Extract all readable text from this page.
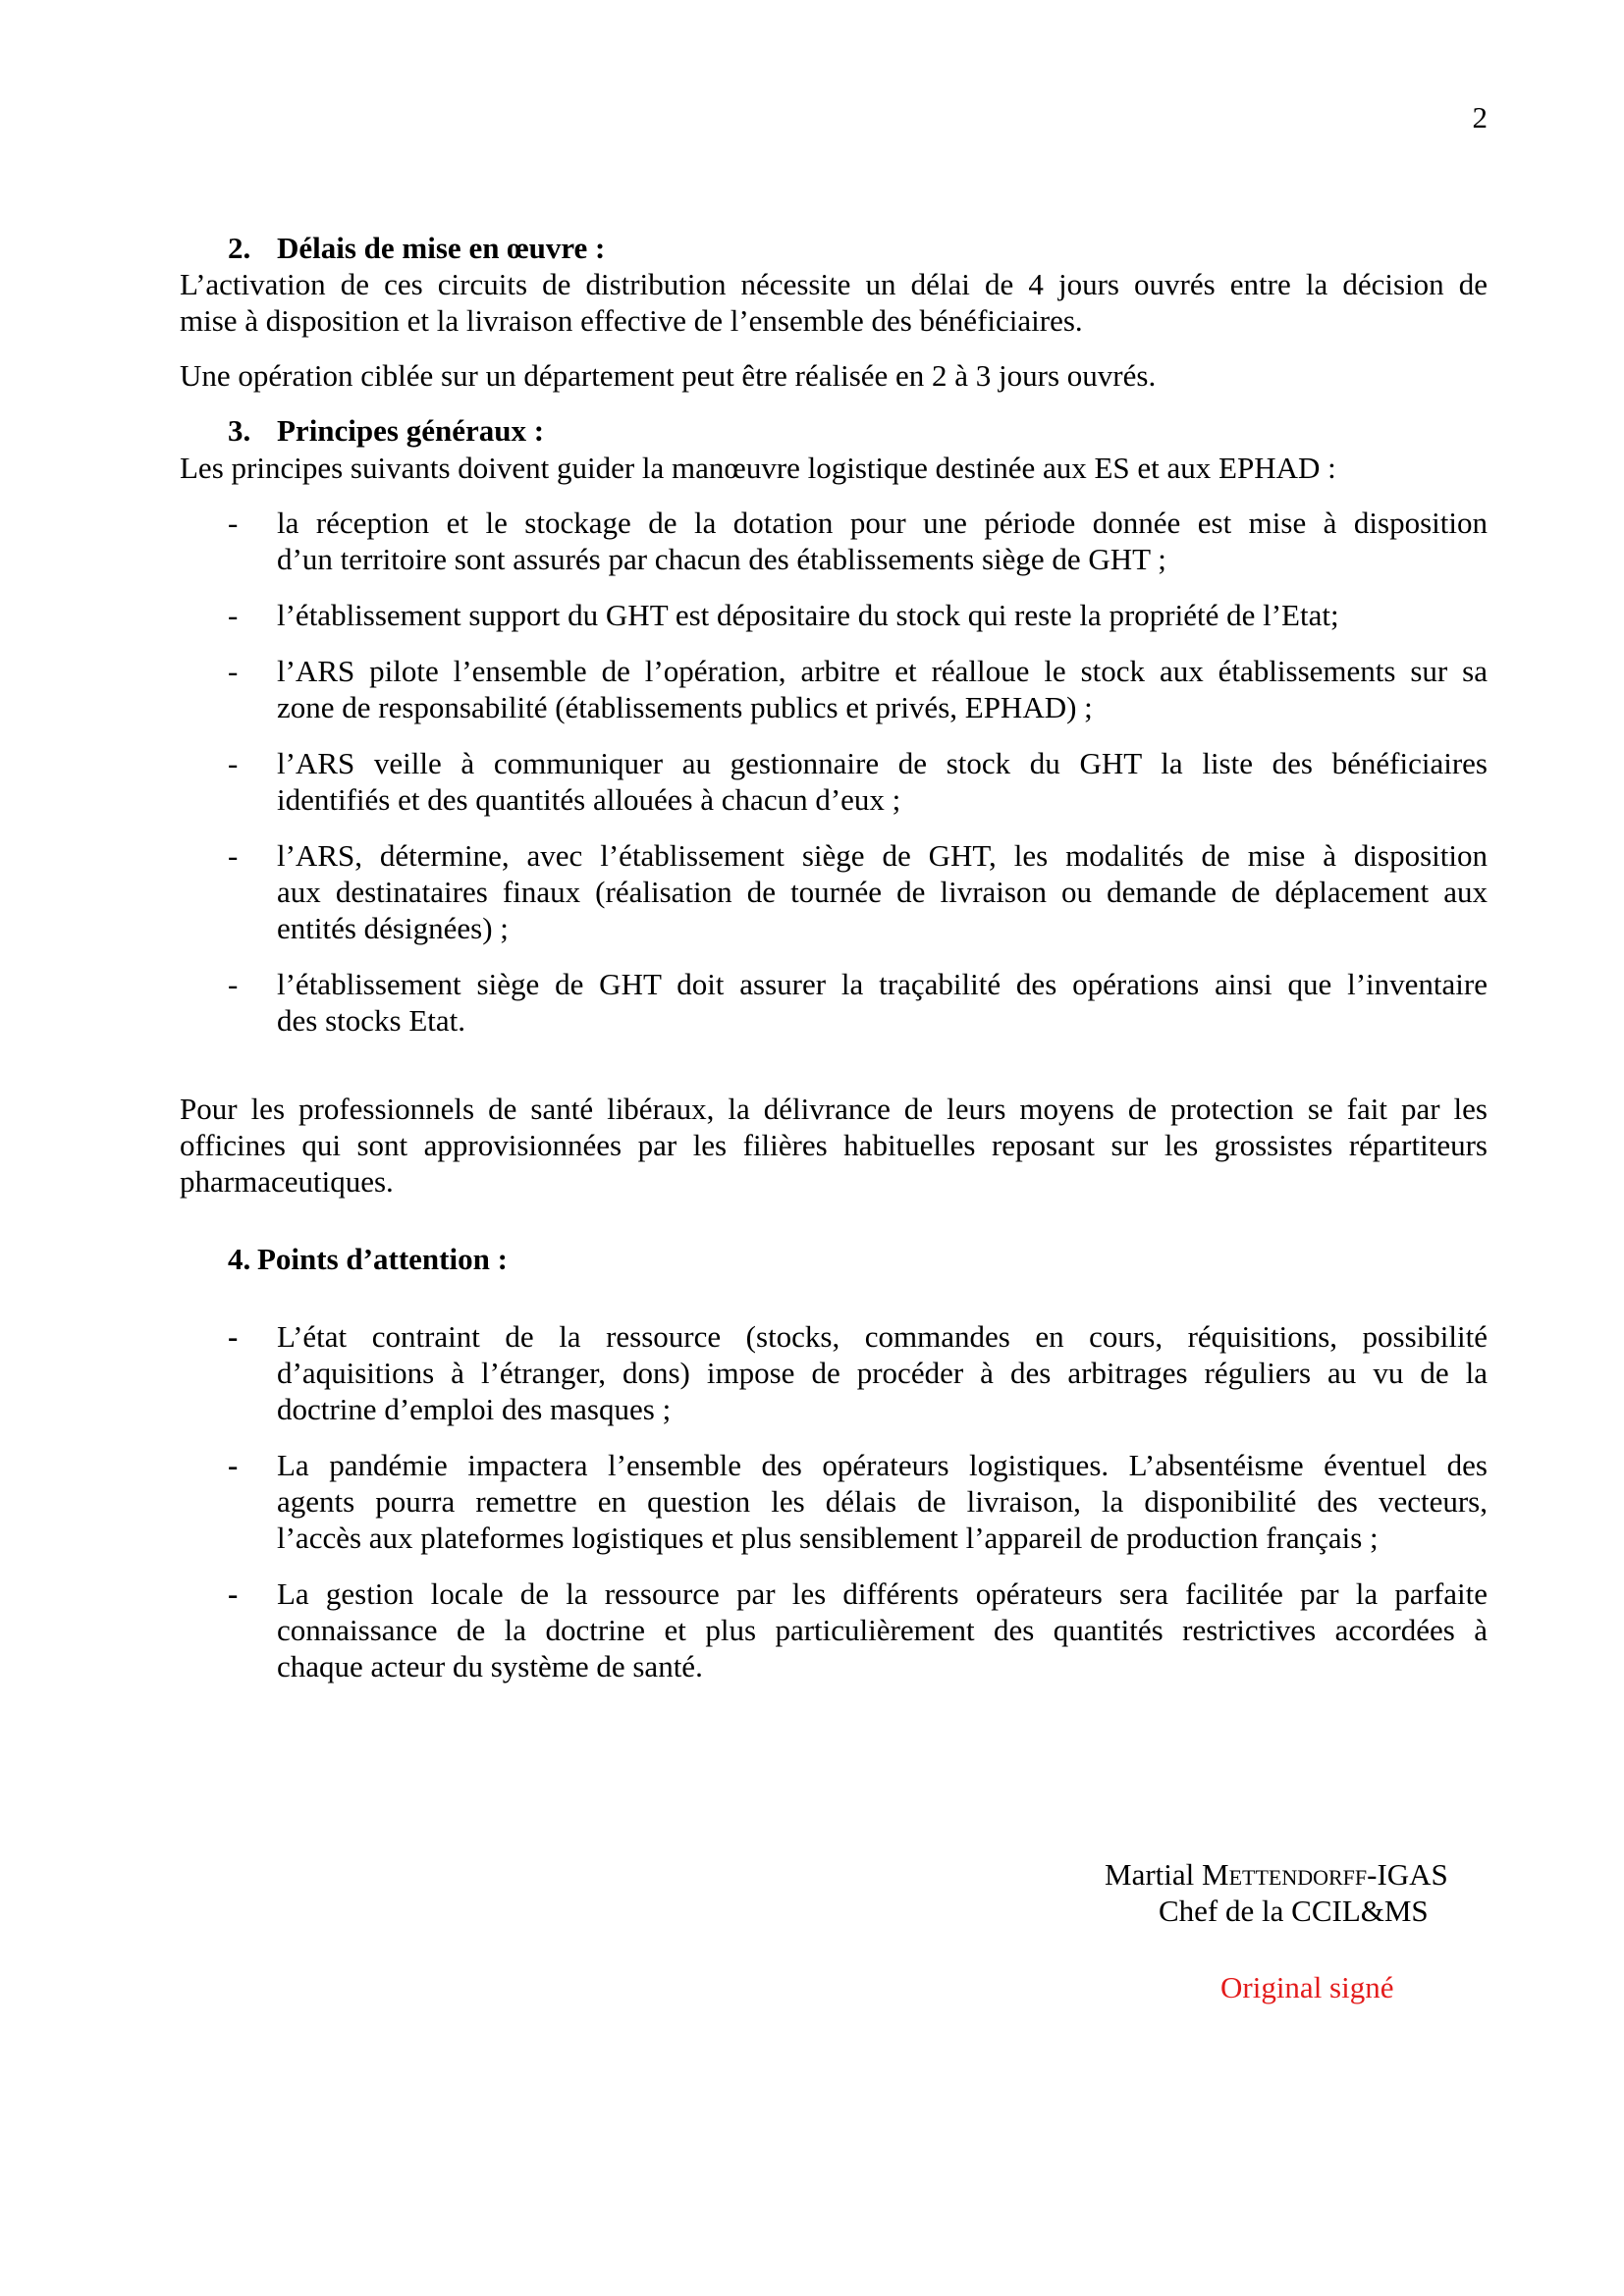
2
2. Délais de mise en œuvre :
L’activation de ces circuits de distribution nécessite un délai de 4 jours ouvrés entre la décision de
mise à disposition et la livraison effective de l’ensemble des bénéficiaires.
Une opération ciblée sur un département peut être réalisée en 2 à 3 jours ouvrés.
3. Principes généraux :
Les principes suivants doivent guider la manœuvre logistique destinée aux ES et aux EPHAD :
- la réception et le stockage de la dotation pour une période donnée est mise à disposition
d’un territoire sont assurés par chacun des établissements siège de GHT ;
- l’établissement support du GHT est dépositaire du stock qui reste la propriété de l’Etat;
- l’ARS pilote l’ensemble de l’opération, arbitre et réalloue le stock aux établissements sur sa
zone de responsabilité (établissements publics et privés, EPHAD) ;
- l’ARS veille à communiquer au gestionnaire de stock du GHT la liste des bénéficiaires
identifiés et des quantités allouées à chacun d’eux ;
- l’ARS, détermine, avec l’établissement siège de GHT, les modalités de mise à disposition
aux destinataires finaux (réalisation de tournée de livraison ou demande de déplacement aux
entités désignées) ;
- l’établissement siège de GHT doit assurer la traçabilité des opérations ainsi que l’inventaire
des stocks Etat.
Pour les professionnels de santé libéraux, la délivrance de leurs moyens de protection se fait par les
officines qui sont approvisionnées par les filières habituelles reposant sur les grossistes répartiteurs
pharmaceutiques.
4. Points d’attention :
- L’état contraint de la ressource (stocks, commandes en cours, réquisitions, possibilité
d’aquisitions à l’étranger, dons) impose de procéder à des arbitrages réguliers au vu de la
doctrine d’emploi des masques ;
- La pandémie impactera l’ensemble des opérateurs logistiques. L’absentéisme éventuel des
agents pourra remettre en question les délais de livraison, la disponibilité des vecteurs,
l’accès aux plateformes logistiques et plus sensiblement l’appareil de production français ;
- La gestion locale de la ressource par les différents opérateurs sera facilitée par la parfaite
connaissance de la doctrine et plus particulièrement des quantités restrictives accordées à
chaque acteur du système de santé.
Martial Mettendorff-IGAS
Chef de la CCIL&MS
Original signé
